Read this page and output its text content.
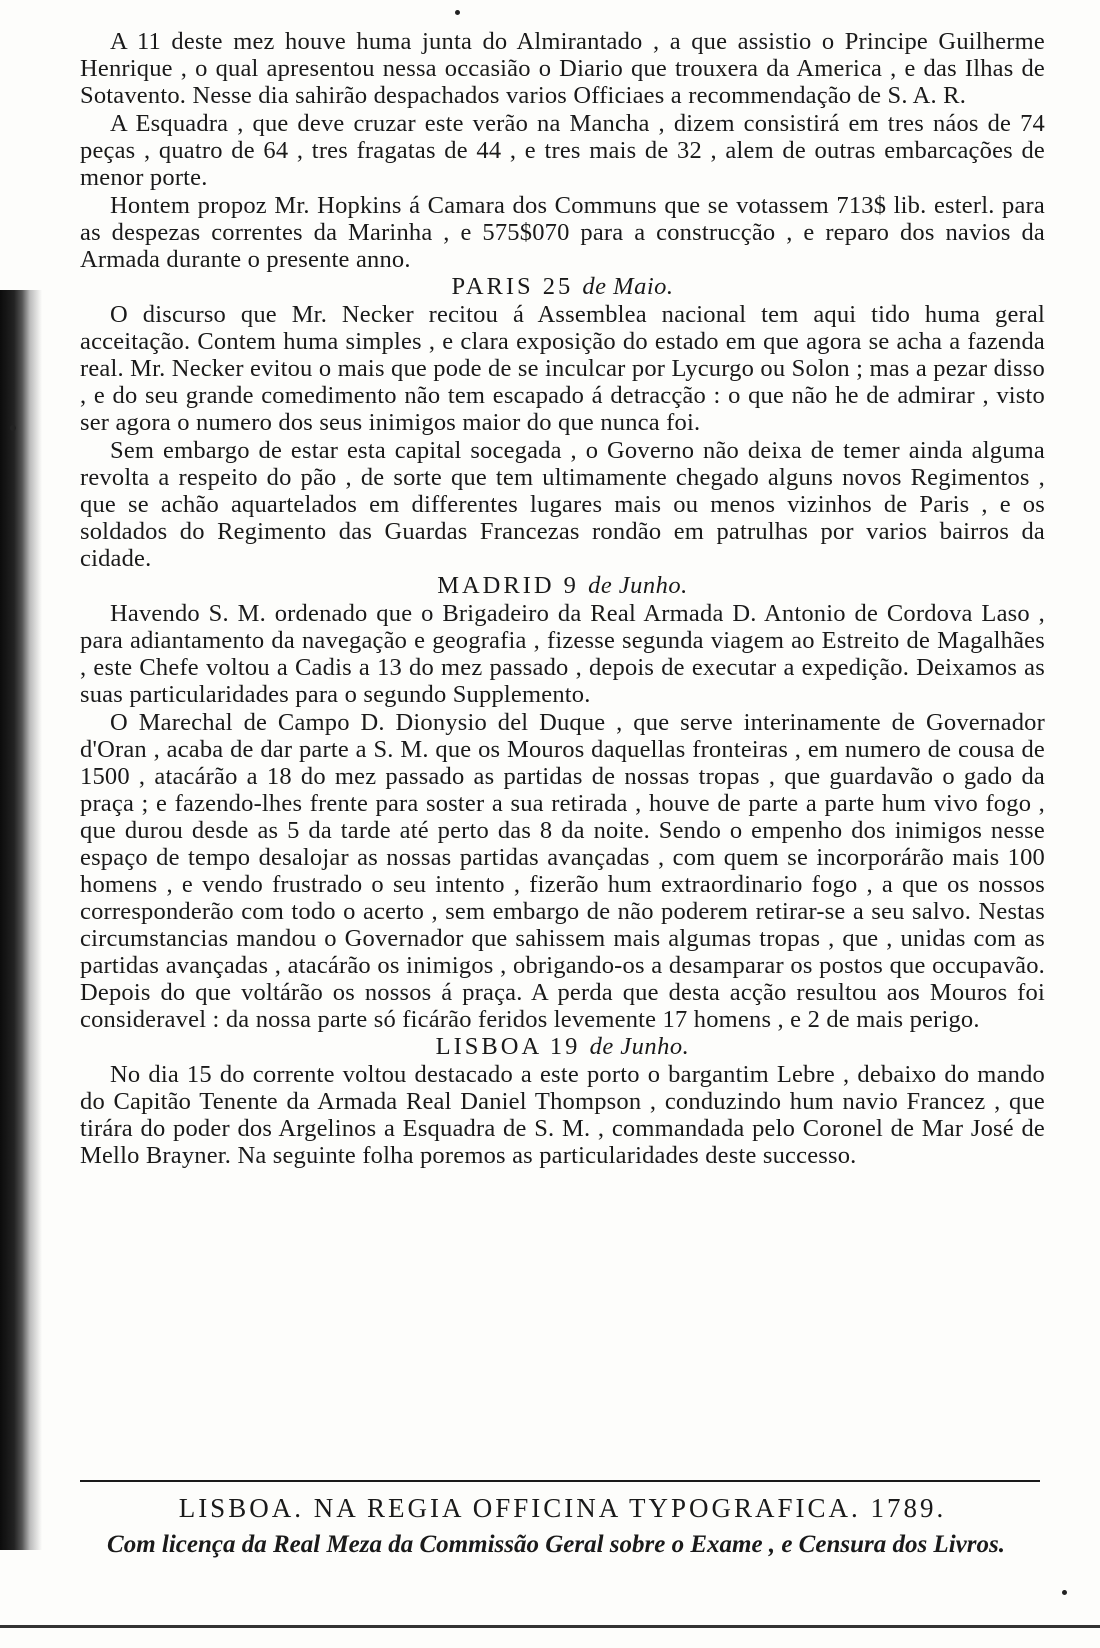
A 11 deste mez houve huma junta do Almirantado , a que assistio o Principe Guilherme Henrique , o qual apresentou nessa occasião o Diario que trouxera da America , e das Ilhas de Sotavento. Nesse dia sahirão despachados varios Officiaes a recommendação de S. A. R.

A Esquadra , que deve cruzar este verão na Mancha , dizem consistirá em tres náos de 74 peças , quatro de 64 , tres fragatas de 44 , e tres mais de 32 , alem de outras embarcações de menor porte.

Hontem propoz Mr. Hopkins á Camara dos Communs que se votassem 713$ lib. esterl. para as despezas correntes da Marinha , e 575$070 para a construcção , e reparo dos navios da Armada durante o presente anno.

PARIS 25 de Maio.

O discurso que Mr. Necker recitou á Assemblea nacional tem aqui tido huma geral acceitação. Contem huma simples , e clara exposição do estado em que agora se acha a fazenda real. Mr. Necker evitou o mais que pode de se inculcar por Lycurgo ou Solon ; mas a pezar disso , e do seu grande comedimento não tem escapado á detracção : o que não he de admirar , visto ser agora o numero dos seus inimigos maior do que nunca foi.

Sem embargo de estar esta capital socegada , o Governo não deixa de temer ainda alguma revolta a respeito do pão , de sorte que tem ultimamente chegado alguns novos Regimentos , que se achão aquartelados em differentes lugares mais ou menos vizinhos de Paris , e os soldados do Regimento das Guardas Francezas rondão em patrulhas por varios bairros da cidade.

MADRID 9 de Junho.

Havendo S. M. ordenado que o Brigadeiro da Real Armada D. Antonio de Cordova Laso , para adiantamento da navegação e geografia , fizesse segunda viagem ao Estreito de Magalhães , este Chefe voltou a Cadis a 13 do mez passado , depois de executar a expedição. Deixamos as suas particularidades para o segundo Supplemento.

O Marechal de Campo D. Dionysio del Duque , que serve interinamente de Governador d'Oran , acaba de dar parte a S. M. que os Mouros daquellas fronteiras , em numero de cousa de 1500 , atacárão a 18 do mez passado as partidas de nossas tropas , que guardavão o gado da praça ; e fazendo-lhes frente para soster a sua retirada , houve de parte a parte hum vivo fogo , que durou desde as 5 da tarde até perto das 8 da noite. Sendo o empenho dos inimigos nesse espaço de tempo desalojar as nossas partidas avançadas , com quem se incorporárão mais 100 homens , e vendo frustrado o seu intento , fizerão hum extraordinario fogo , a que os nossos corresponderão com todo o acerto , sem embargo de não poderem retirar-se a seu salvo. Nestas circumstancias mandou o Governador que sahissem mais algumas tropas , que , unidas com as partidas avançadas , atacárão os inimigos , obrigando-os a desamparar os postos que occupavão. Depois do que voltárão os nossos á praça. A perda que desta acção resultou aos Mouros foi consideravel : da nossa parte só ficárão feridos levemente 17 homens , e 2 de mais perigo.

LISBOA 19 de Junho.

No dia 15 do corrente voltou destacado a este porto o bargantim Lebre , debaixo do mando do Capitão Tenente da Armada Real Daniel Thompson , conduzindo hum navio Francez , que tirára do poder dos Argelinos a Esquadra de S. M. , commandada pelo Coronel de Mar José de Mello Brayner. Na seguinte folha poremos as particularidades deste successo.

LISBOA. NA REGIA OFFICINA TYPOGRAFICA. 1789.
Com licença da Real Meza da Commissão Geral sobre o Exame , e Censura dos Livros.
